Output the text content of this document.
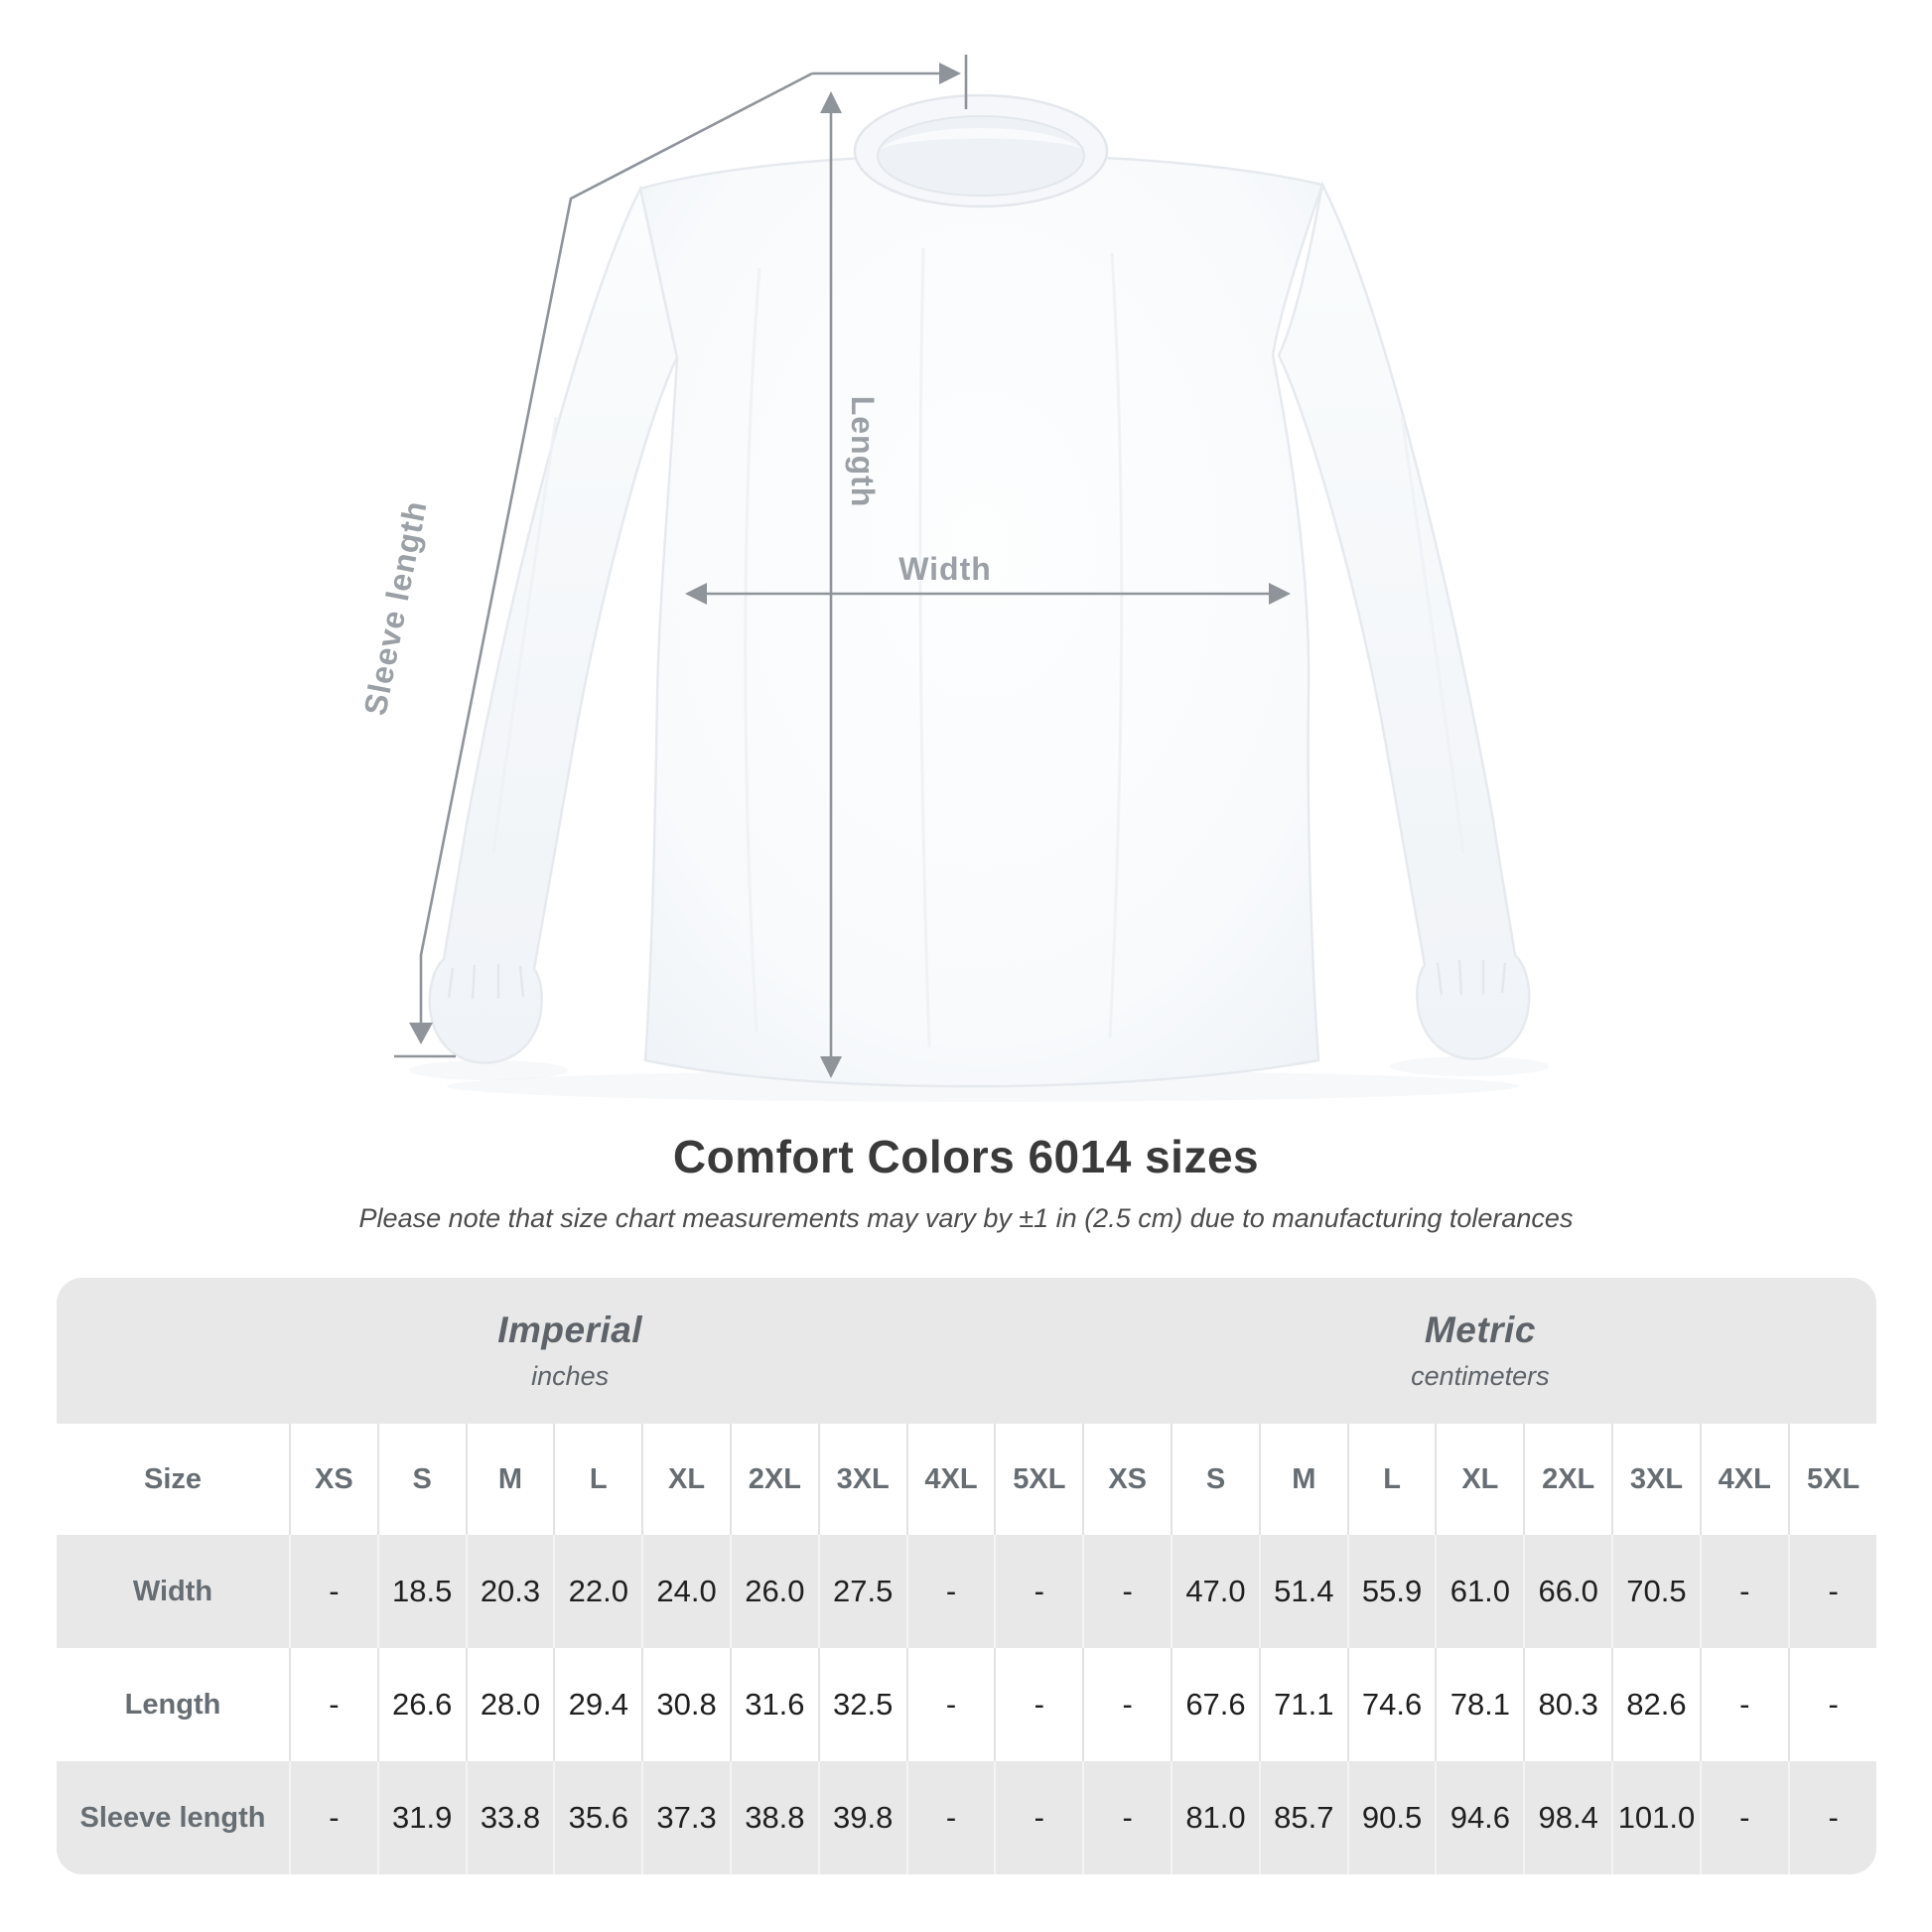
Sleeve length
Length
Width
Comfort Colors 6014 sizes
Please note that size chart measurements may vary by ±1 in (2.5 cm) due to manufacturing tolerances
Imperial
inches

Metric
centimeters

Size	XS	S	M	L	XL	2XL	3XL	4XL	5XL	XS	S	M	L	XL	2XL	3XL	4XL	5XL
Width	-	18.5	20.3	22.0	24.0	26.0	27.5	-	-	-	47.0	51.4	55.9	61.0	66.0	70.5	-	-
Length	-	26.6	28.0	29.4	30.8	31.6	32.5	-	-	-	67.6	71.1	74.6	78.1	80.3	82.6	-	-
Sleeve length	-	31.9	33.8	35.6	37.3	38.8	39.8	-	-	-	81.0	85.7	90.5	94.6	98.4	101.0	-	-
